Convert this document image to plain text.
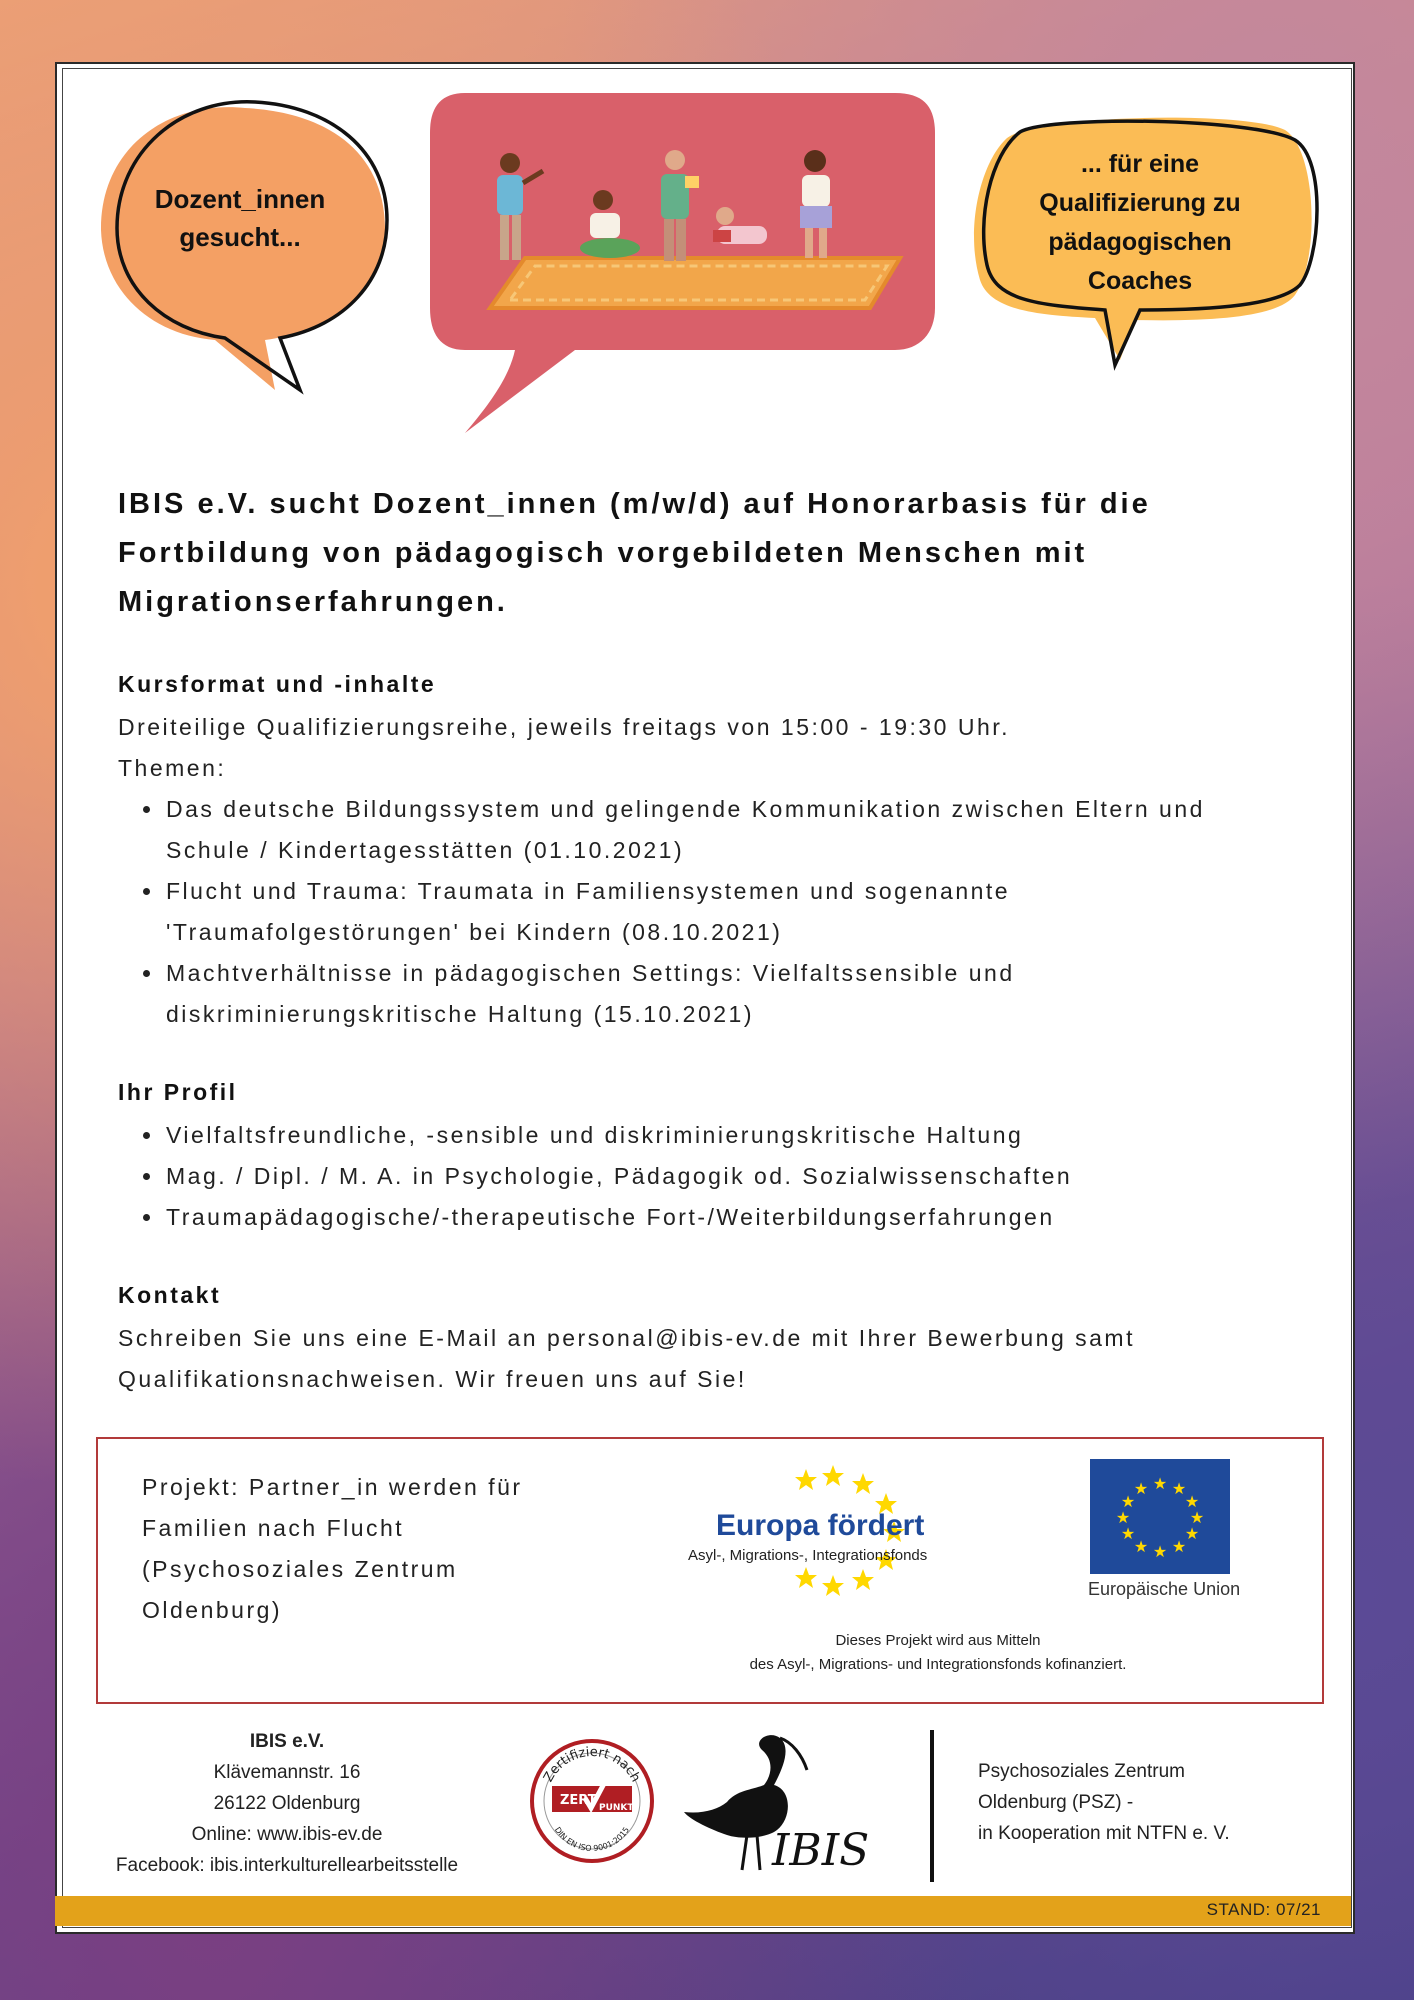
Dozent_innen
gesucht...
... für eine
Qualifizierung zu
pädagogischen
Coaches

IBIS e.V. sucht Dozent_innen (m/w/d) auf Honorarbasis für die Fortbildung von pädagogisch vorgebildeten Menschen mit Migrationserfahrungen.

Kursformat und -inhalte

Dreiteilige Qualifizierungsreihe, jeweils freitags von 15:00 - 19:30 Uhr.

Themen:

• Das deutsche Bildungssystem und gelingende Kommunikation zwischen Eltern und Schule / Kindertagesstätten (01.10.2021)
• Flucht und Trauma: Traumata in Familiensystemen und sogenannte 'Traumafolgestörungen' bei Kindern (08.10.2021)
• Machtverhältnisse in pädagogischen Settings: Vielfaltssensible und diskriminierungskritische Haltung (15.10.2021)
Ihr Profil
• Vielfaltsfreundliche, -sensible und diskriminierungskritische Haltung
• Mag. / Dipl. / M. A. in Psychologie, Pädagogik od. Sozialwissenschaften
• Traumapädagogische/-therapeutische Fort-/Weiterbildungserfahrungen
Kontakt

Schreiben Sie uns eine E-Mail an personal@ibis-ev.de mit Ihrer Bewerbung samt Qualifikationsnachweisen. Wir freuen uns auf Sie!

Projekt: Partner_in werden für Familien nach Flucht (Psychosoziales Zentrum Oldenburg)
Europa fördert
Asyl-, Migrations-, Integrationsfonds
★ ★
★
★
★
★
★
★
★
★
★
★
Europäische Union
Dieses Projekt wird aus Mitteln
des Asyl-, Migrations- und Integrationsfonds kofinanziert.
IBIS e.V.
Klävemannstr. 16
26122 Oldenburg
Online: www.ibis-ev.de
Facebook: ibis.interkulturellearbeitsstelle
Zertifiziert nach
ZERT PUNKT
DIN EN ISO 9001:2015	IBIS
Psychosoziales Zentrum
Oldenburg (PSZ) -
in Kooperation mit NTFN e. V.
STAND: 07/21
